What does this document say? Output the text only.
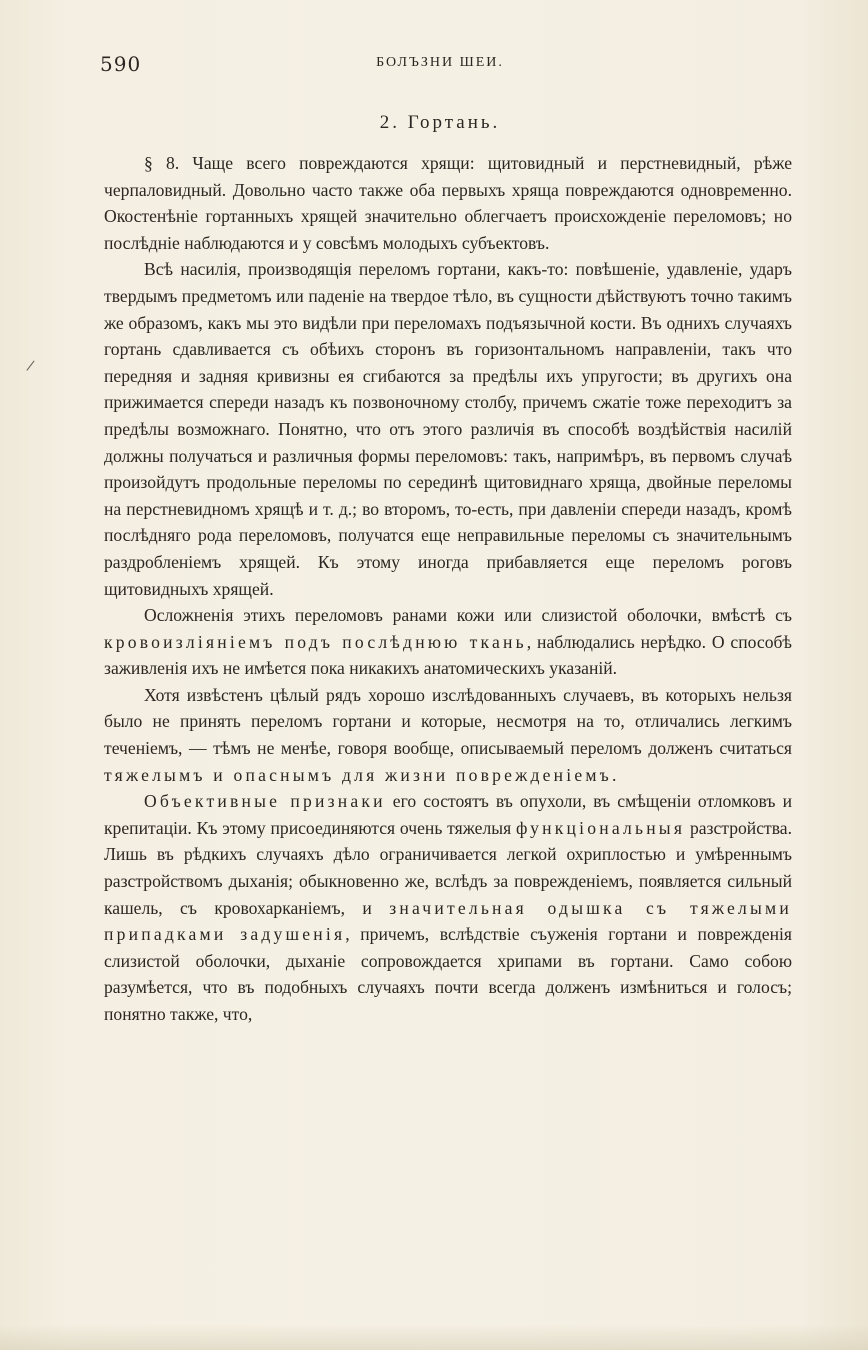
590	БОЛЪЗНИ ШЕИ.
2. Гортань.
/

§ 8. Чаще всего повреждаются хрящи: щитовидный и перстневидный, рѣже черпаловидный. Довольно часто также оба первыхъ хряща повреждаются одновременно. Окостенѣніе гортанныхъ хрящей значительно облегчаетъ происхожденіе переломовъ; но послѣдніе наблюдаются и у совсѣмъ молодыхъ субъектовъ.

Всѣ насилія, производящія переломъ гортани, какъ-то: повѣшеніе, удавленіе, ударъ твердымъ предметомъ или паденіе на твердое тѣло, въ сущности дѣйствуютъ точно такимъ же образомъ, какъ мы это видѣли при переломахъ подъязычной кости. Въ однихъ случаяхъ гортань сдавливается съ обѣихъ сторонъ въ горизонтальномъ направленіи, такъ что передняя и задняя кривизны ея сгибаются за предѣлы ихъ упругости; въ другихъ она прижимается спереди назадъ къ позвоночному столбу, причемъ сжатіе тоже переходитъ за предѣлы возможнаго. Понятно, что отъ этого различія въ способѣ воздѣйствія насилій должны получаться и различныя формы переломовъ: такъ, напримѣръ, въ первомъ случаѣ произойдутъ продольные переломы по серединѣ щитовиднаго хряща, двойные переломы на перстневидномъ хрящѣ и т. д.; во второмъ, то-есть, при давленіи спереди назадъ, кромѣ послѣдняго рода переломовъ, получатся еще неправильные переломы съ значительнымъ раздробленіемъ хрящей. Къ этому иногда прибавляется еще переломъ роговъ щитовидныхъ хрящей.

Осложненія этихъ переломовъ ранами кожи или слизистой оболочки, вмѣстѣ съ кровоизліяніемъ подъ послѣднюю ткань, наблюдались нерѣдко. О способѣ заживленія ихъ не имѣется пока никакихъ анатомическихъ указаній.

Хотя извѣстенъ цѣлый рядъ хорошо изслѣдованныхъ случаевъ, въ которыхъ нельзя было не принять переломъ гортани и которые, несмотря на то, отличались легкимъ теченіемъ, — тѣмъ не менѣе, говоря вообще, описываемый переломъ долженъ считаться тяжелымъ и опаснымъ для жизни поврежденіемъ.

Объективные признаки его состоятъ въ опухоли, въ смѣщеніи отломковъ и крепитаціи. Къ этому присоединяются очень тяжелыя функціональныя разстройства. Лишь въ рѣдкихъ случаяхъ дѣло ограничивается легкой охриплостью и умѣреннымъ разстройствомъ дыханія; обыкновенно же, вслѣдъ за поврежденіемъ, появляется сильный кашель, съ кровохарканіемъ, и значительная одышка съ тяжелыми припадками задушенія, причемъ, вслѣдствіе съуженія гортани и поврежденія слизистой оболочки, дыханіе сопровождается хрипами въ гортани. Само собою разумѣется, что въ подобныхъ случаяхъ почти всегда долженъ измѣниться и голосъ; понятно также, что,
